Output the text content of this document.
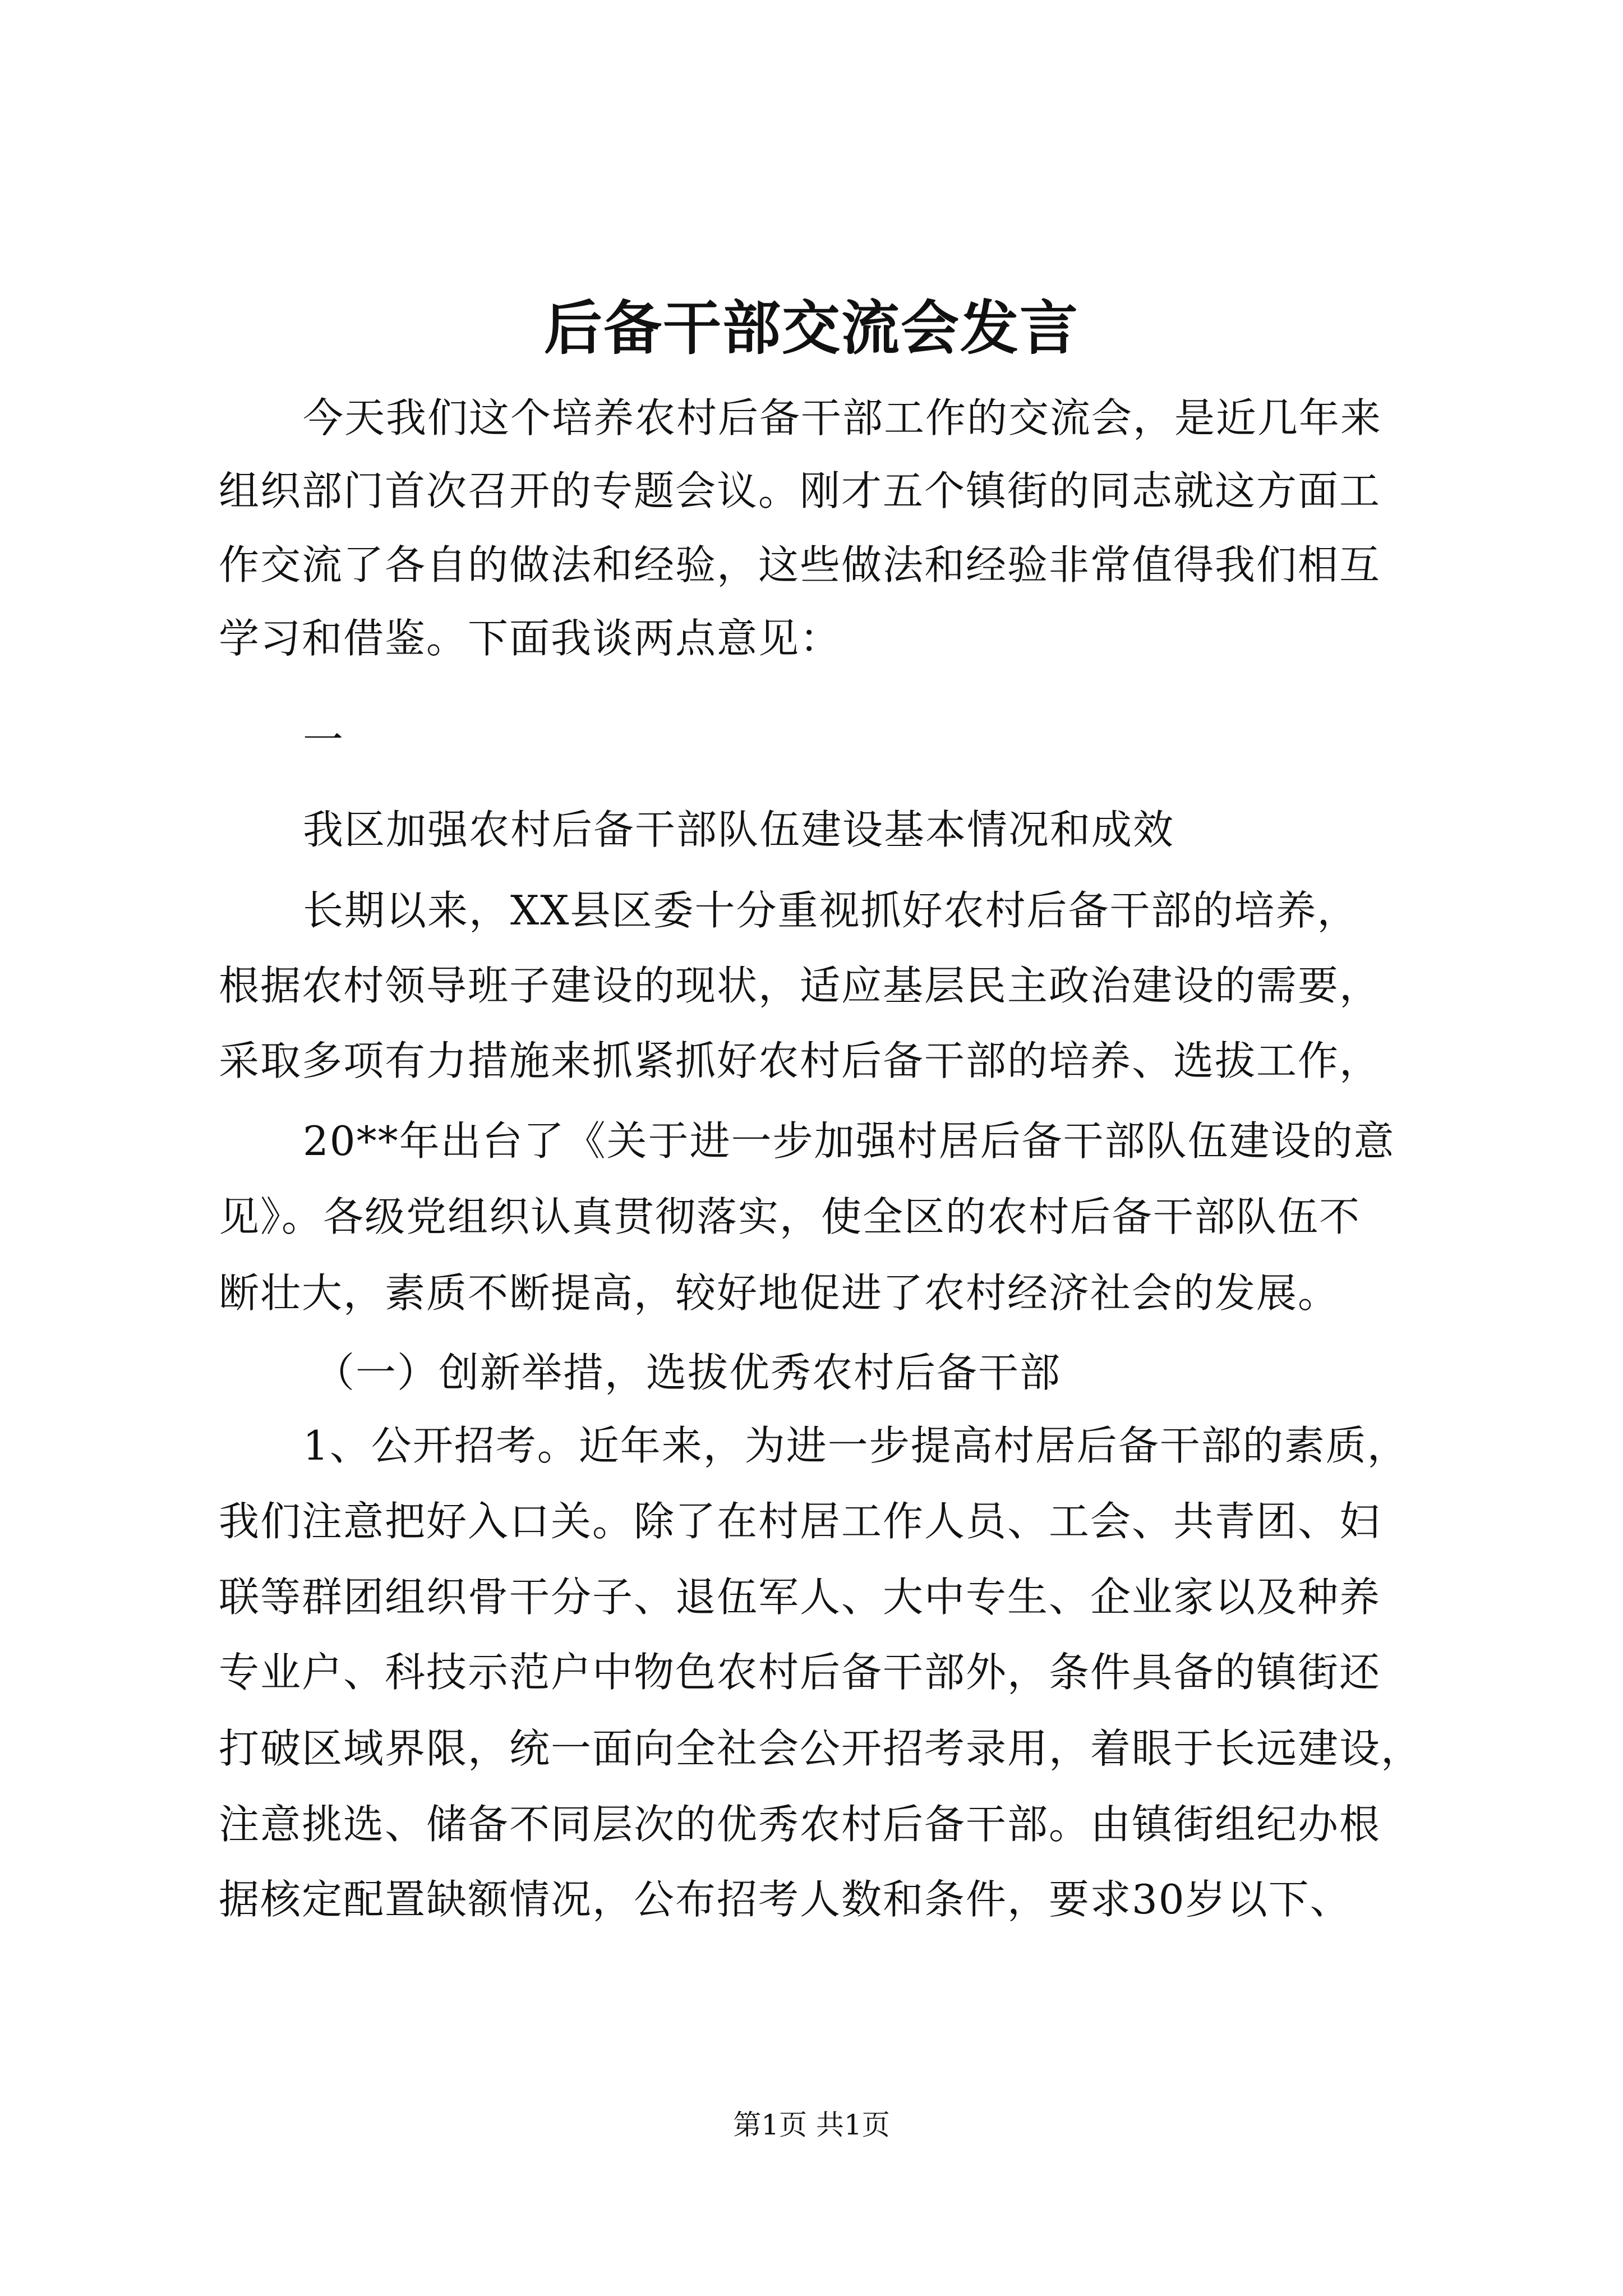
后备干部交流会发言
今天我们这个培养农村后备干部工作的交流会，是近几年来
组织部门首次召开的专题会议。刚才五个镇街的同志就这方面工
作交流了各自的做法和经验，这些做法和经验非常值得我们相互
学习和借鉴。下面我谈两点意见：
一
我区加强农村后备干部队伍建设基本情况和成效
长期以来，XX县区委十分重视抓好农村后备干部的培养，
根据农村领导班子建设的现状，适应基层民主政治建设的需要，
采取多项有力措施来抓紧抓好农村后备干部的培养、选拔工作，
20**年出台了《关于进一步加强村居后备干部队伍建设的意
见》。各级党组织认真贯彻落实，使全区的农村后备干部队伍不
断壮大，素质不断提高，较好地促进了农村经济社会的发展。
（一）创新举措，选拔优秀农村后备干部
1、公开招考。近年来，为进一步提高村居后备干部的素质，
我们注意把好入口关。除了在村居工作人员、工会、共青团、妇
联等群团组织骨干分子、退伍军人、大中专生、企业家以及种养
专业户、科技示范户中物色农村后备干部外，条件具备的镇街还
打破区域界限，统一面向全社会公开招考录用，着眼于长远建设，
注意挑选、储备不同层次的优秀农村后备干部。由镇街组纪办根
据核定配置缺额情况，公布招考人数和条件，要求30岁以下、
第1页 共1页
